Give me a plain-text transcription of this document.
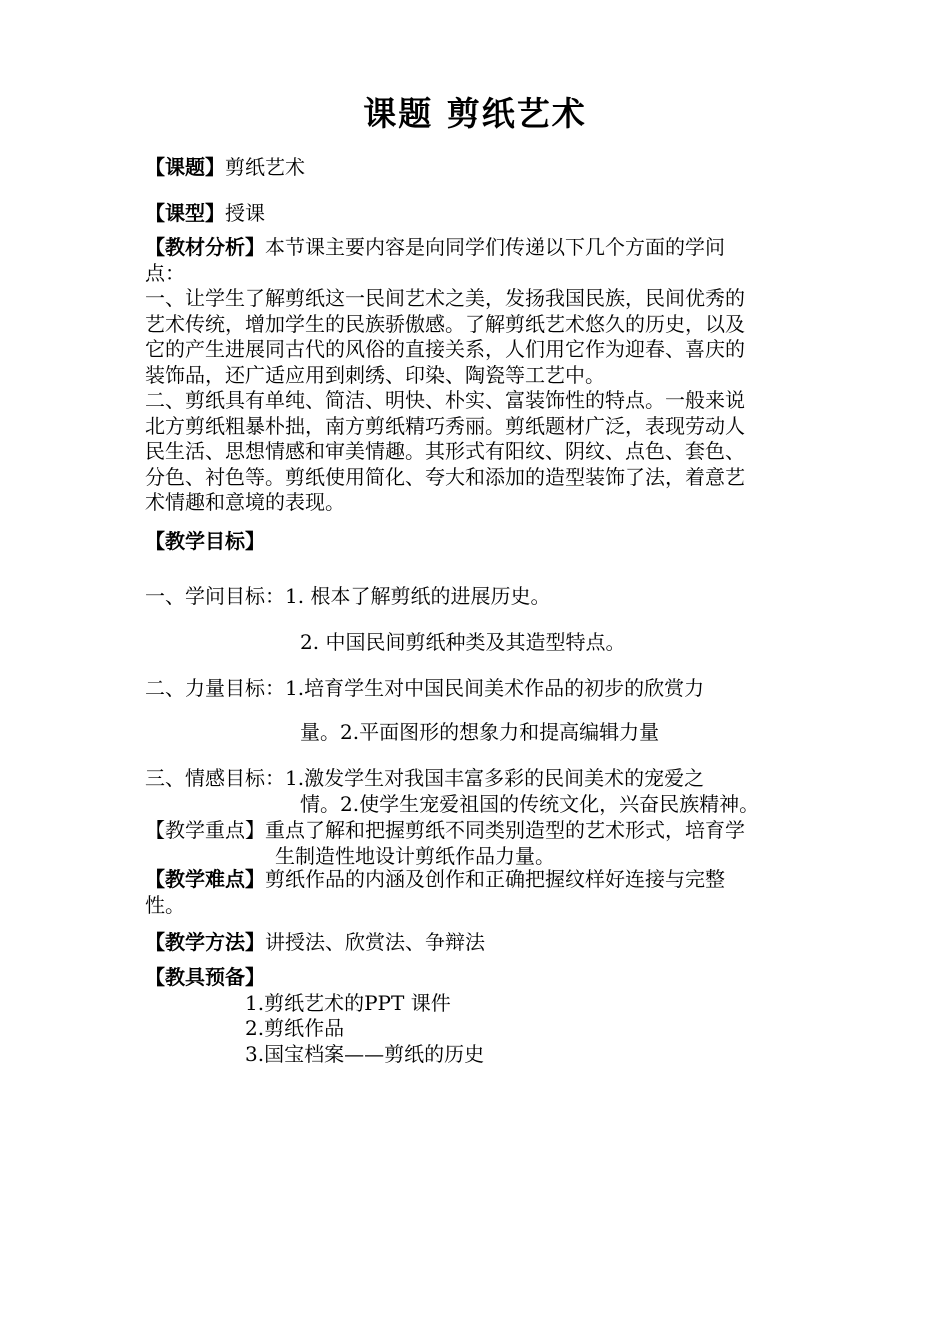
课题 剪纸艺术
【课题】剪纸艺术
【课型】授课

【教材分析】本节课主要内容是向同学们传递以下几个方面的学问

点：

一、让学生了解剪纸这一民间艺术之美，发扬我国民族，民间优秀的

艺术传统，增加学生的民族骄傲感。了解剪纸艺术悠久的历史，以及

它的产生进展同古代的风俗的直接关系，人们用它作为迎春、喜庆的

装饰品，还广适应用到刺绣、印染、陶瓷等工艺中。

二、剪纸具有单纯、简洁、明快、朴实、富装饰性的特点。一般来说

北方剪纸粗暴朴拙，南方剪纸精巧秀丽。剪纸题材广泛，表现劳动人

民生活、思想情感和审美情趣。其形式有阳纹、阴纹、点色、套色、

分色、衬色等。剪纸使用简化、夸大和添加的造型装饰了法，着意艺

术情趣和意境的表现。

【教学目标】
一、学问目标：1. 根本了解剪纸的进展历史。
2. 中国民间剪纸种类及其造型特点。
二、力量目标：1.培育学生对中国民间美术作品的初步的欣赏力
量。2.平面图形的想象力和提高编辑力量
三、情感目标：1.激发学生对我国丰富多彩的民间美术的宠爱之
情。2.使学生宠爱祖国的传统文化，兴奋民族精神。
【教学重点】重点了解和把握剪纸不同类别造型的艺术形式，培育学
生制造性地设计剪纸作品力量。
【教学难点】剪纸作品的内涵及创作和正确把握纹样好连接与完整
性。
【教学方法】讲授法、欣赏法、争辩法
【教具预备】
1.剪纸艺术的PPT 课件
2.剪纸作品
3.国宝档案——剪纸的历史
